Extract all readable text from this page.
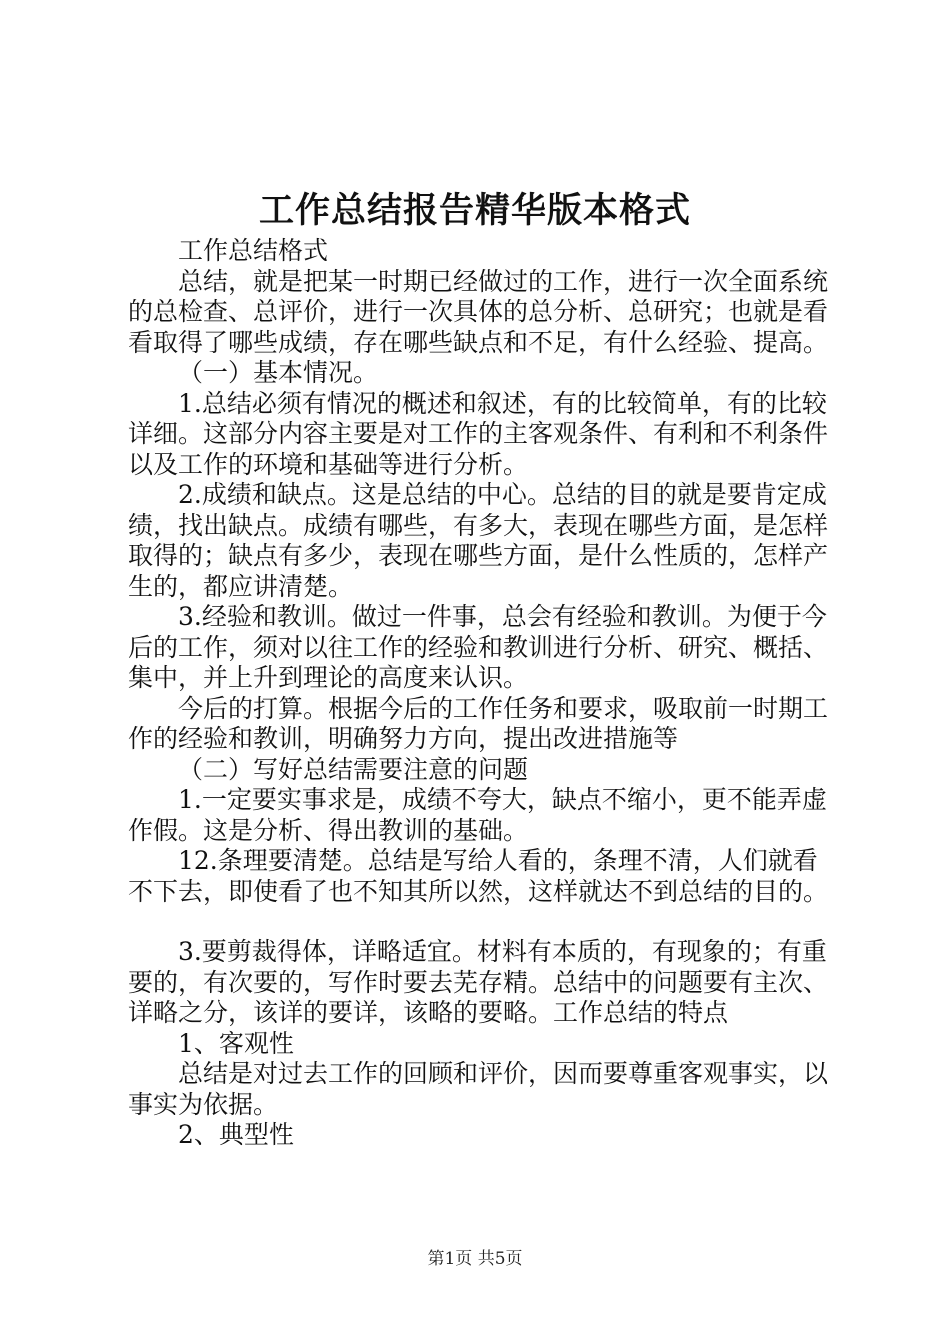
工作总结报告精华版本格式

工作总结格式

总结，就是把某一时期已经做过的工作，进行一次全面系统的总检查、总评价，进行一次具体的总分析、总研究；也就是看看取得了哪些成绩，存在哪些缺点和不足，有什么经验、提高。

（一）基本情况。

1.总结必须有情况的概述和叙述，有的比较简单，有的比较详细。这部分内容主要是对工作的主客观条件、有利和不利条件以及工作的环境和基础等进行分析。

2.成绩和缺点。这是总结的中心。总结的目的就是要肯定成绩，找出缺点。成绩有哪些，有多大，表现在哪些方面，是怎样取得的；缺点有多少，表现在哪些方面，是什么性质的，怎样产生的，都应讲清楚。

3.经验和教训。做过一件事，总会有经验和教训。为便于今后的工作，须对以往工作的经验和教训进行分析、研究、概括、集中，并上升到理论的高度来认识。

今后的打算。根据今后的工作任务和要求，吸取前一时期工作的经验和教训，明确努力方向，提出改进措施等

（二）写好总结需要注意的问题

1.一定要实事求是，成绩不夸大，缺点不缩小，更不能弄虚作假。这是分析、得出教训的基础。

12.条理要清楚。总结是写给人看的，条理不清，人们就看不下去，即使看了也不知其所以然，这样就达不到总结的目的。

3.要剪裁得体，详略适宜。材料有本质的，有现象的；有重要的，有次要的，写作时要去芜存精。总结中的问题要有主次、详略之分，该详的要详，该略的要略。工作总结的特点

1、客观性

总结是对过去工作的回顾和评价，因而要尊重客观事实，以事实为依据。

2、典型性

第1页 共5页
